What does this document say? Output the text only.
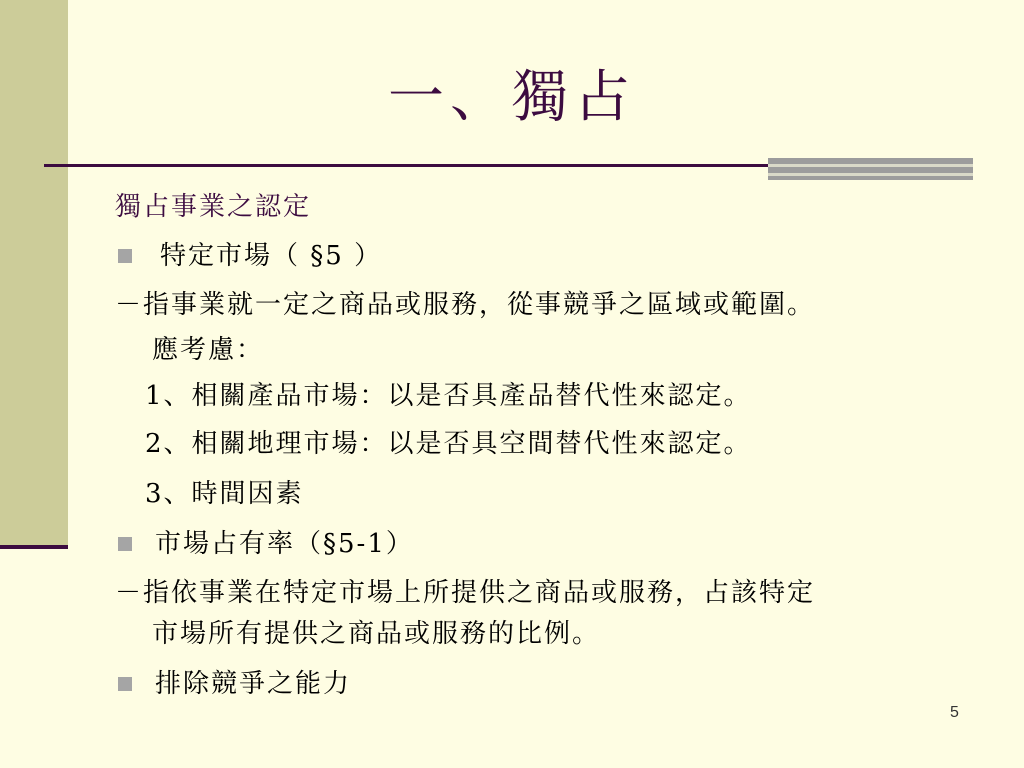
一、獨占
獨占事業之認定
特定市場（ §5 ）
－指事業就一定之商品或服務，從事競爭之區域或範圍。
應考慮：
1、相關產品市場：以是否具產品替代性來認定。
2、相關地理市場：以是否具空間替代性來認定。
3、時間因素
市場占有率（§5-1）
－指依事業在特定市場上所提供之商品或服務，占該特定
市場所有提供之商品或服務的比例。
排除競爭之能力
5
